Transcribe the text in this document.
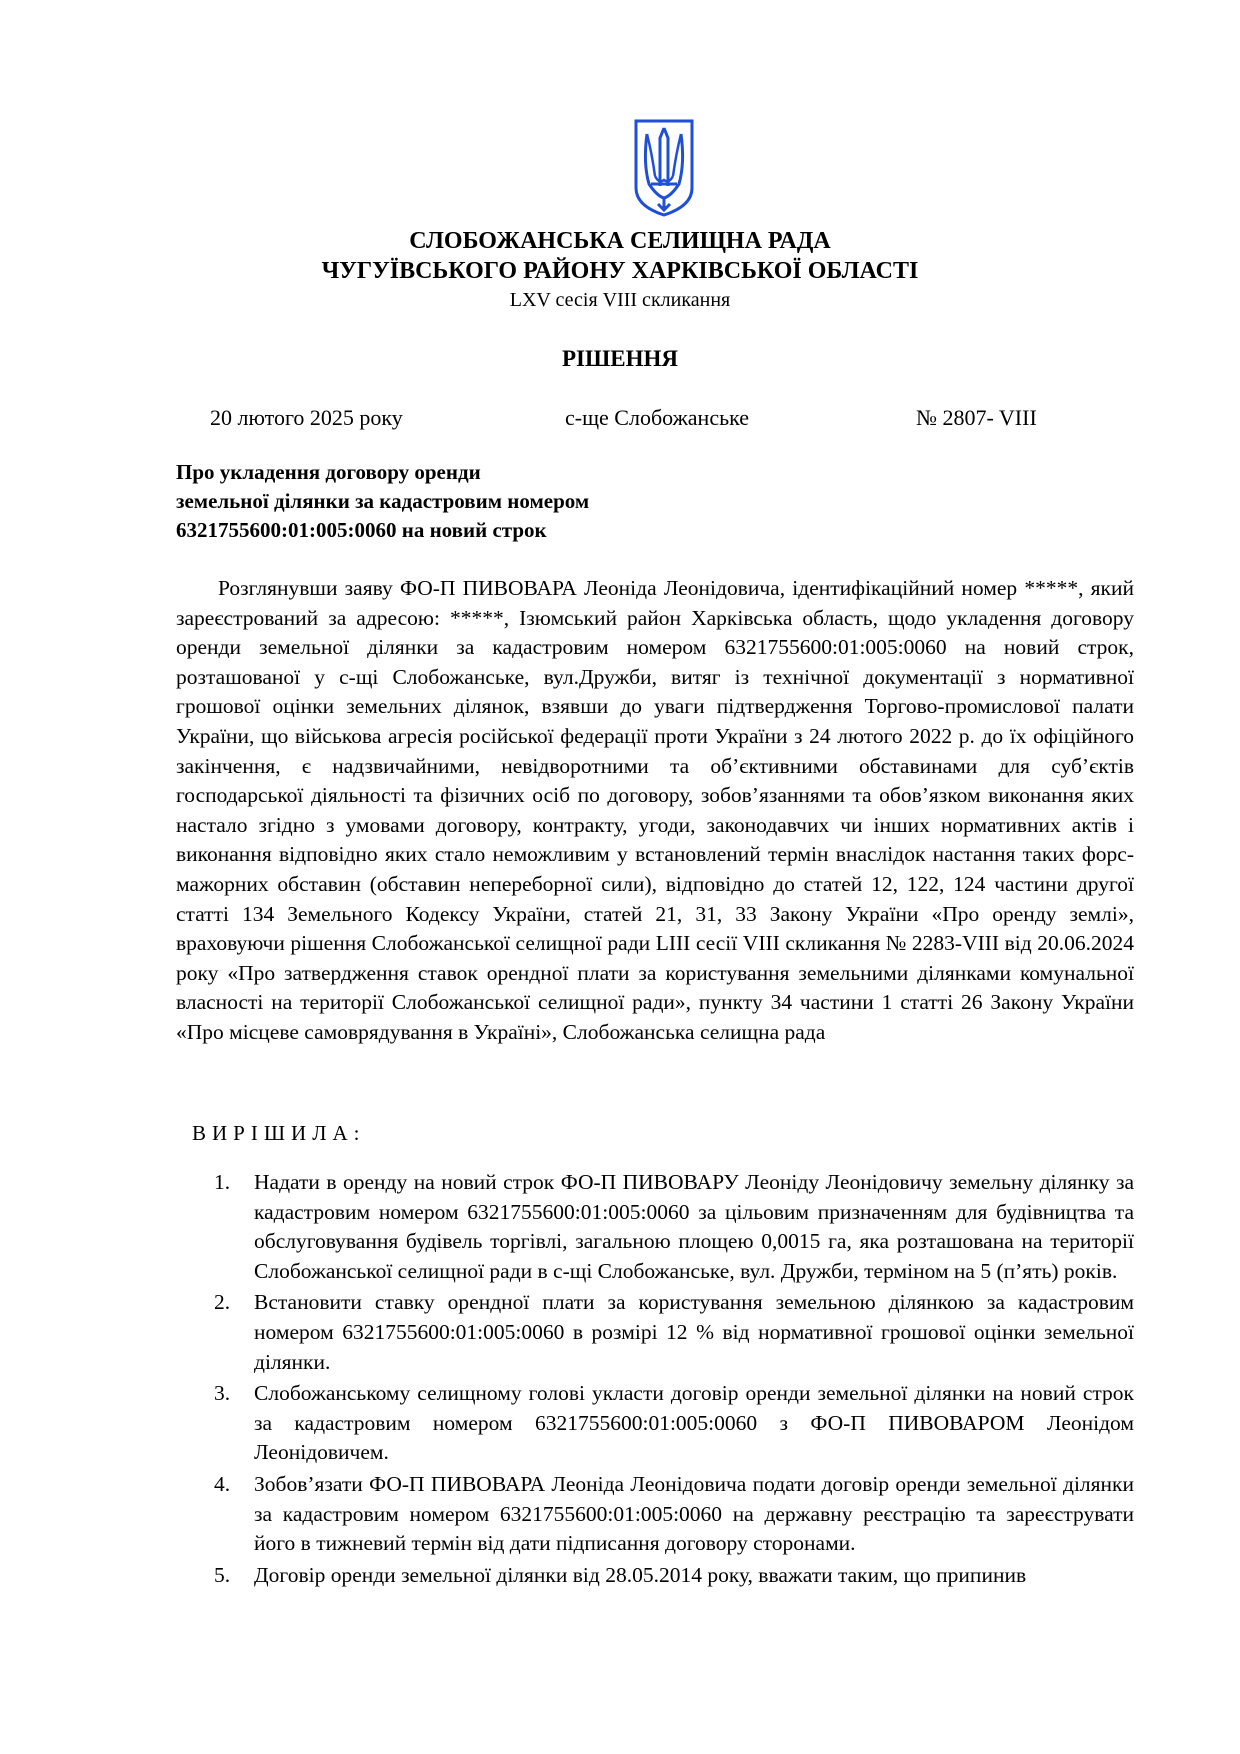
СЛОБОЖАНСЬКА СЕЛИЩНА РАДА
ЧУГУЇВСЬКОГО РАЙОНУ ХАРКІВСЬКОЇ ОБЛАСТІ
LXV сесія VIII скликання
РІШЕННЯ
20 лютого 2025 року	с-ще Слобожанське	№ 2807- VIII
Про укладення договору оренди
земельної ділянки за кадастровим номером
6321755600:01:005:0060 на новий строк
Розглянувши заяву ФО-П ПИВОВАРА Леоніда Леонідовича, ідентифікаційний номер *****, який зареєстрований за адресою: *****, Ізюмський район Харківська область, щодо укладення договору оренди земельної ділянки за кадастровим номером 6321755600:01:005:0060 на новий строк, розташованої у с-щі Слобожанське, вул.Дружби, витяг із технічної документації з нормативної грошової оцінки земельних ділянок, взявши до уваги підтвердження Торгово-промислової палати України, що військова агресія російської федерації проти України з 24 лютого 2022 р. до їх офіційного закінчення, є надзвичайними, невідворотними та об’єктивними обставинами для суб’єктів господарської діяльності та фізичних осіб по договору, зобов’язаннями та обов’язком виконання яких настало згідно з умовами договору, контракту, угоди, законодавчих чи інших нормативних актів і виконання відповідно яких стало неможливим у встановлений термін внаслідок настання таких форс-мажорних обставин (обставин непереборної сили), відповідно до статей 12, 122, 124 частини другої статті 134 Земельного Кодексу України, статей 21, 31, 33 Закону України «Про оренду землі», враховуючи рішення Слобожанської селищної ради LIII сесії VIII скликання № 2283-VIII від 20.06.2024 року «Про затвердження ставок орендної плати за користування земельними ділянками комунальної власності на території Слобожанської селищної ради», пункту 34 частини 1 статті 26 Закону України «Про місцеве самоврядування в Україні», Слобожанська селищна рада
ВИРІШИЛА:
1. Надати в оренду на новий строк ФО-П ПИВОВАРУ Леоніду Леонідовичу земельну ділянку за кадастровим номером 6321755600:01:005:0060 за цільовим призначенням для будівництва та обслуговування будівель торгівлі, загальною площею 0,0015 га, яка розташована на території Слобожанської селищної ради в с-щі Слобожанське, вул. Дружби, терміном на 5 (п’ять) років.
2. Встановити ставку орендної плати за користування земельною ділянкою за кадастровим номером 6321755600:01:005:0060 в розмірі 12 % від нормативної грошової оцінки земельної ділянки.
3. Слобожанському селищному голові укласти договір оренди земельної ділянки на новий строк за кадастровим номером 6321755600:01:005:0060 з ФО-П ПИВОВАРОМ Леонідом Леонідовичем.
4. Зобов’язати ФО-П ПИВОВАРА Леоніда Леонідовича подати договір оренди земельної ділянки за кадастровим номером 6321755600:01:005:0060 на державну реєстрацію та зареєструвати його в тижневий термін від дати підписання договору сторонами.
5. Договір оренди земельної ділянки від 28.05.2014 року, вважати таким, що припинив
